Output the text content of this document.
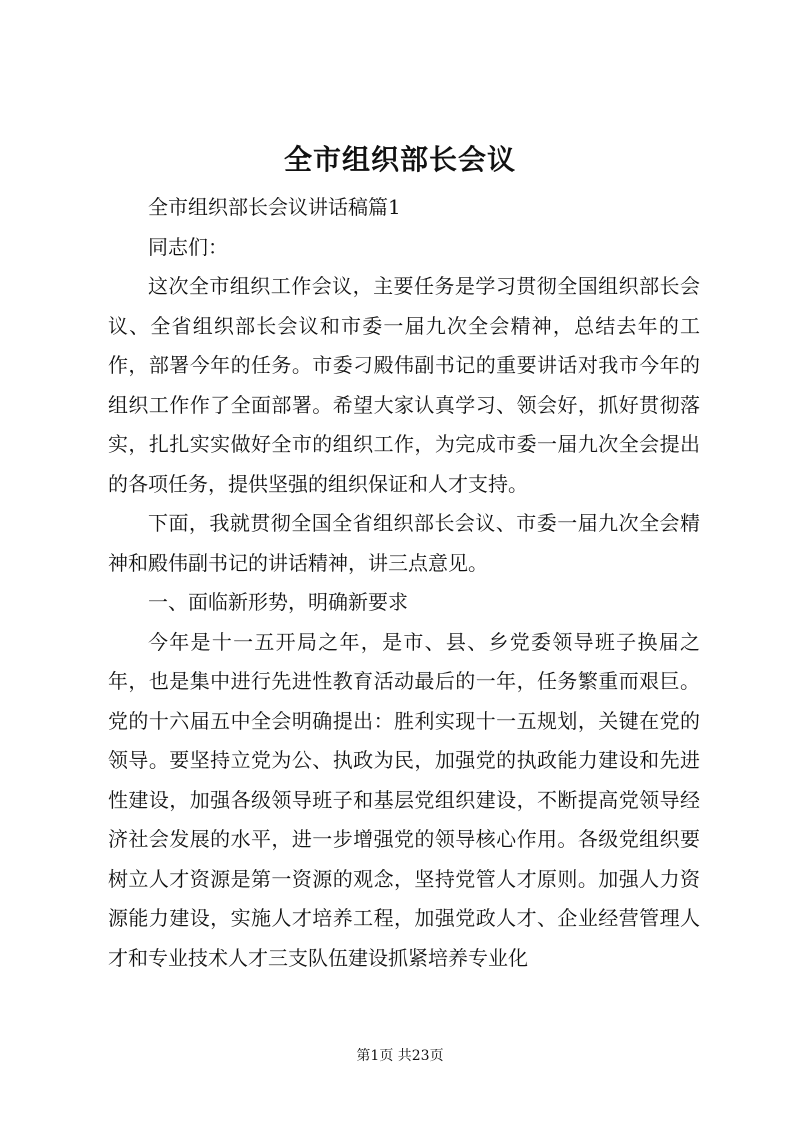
全市组织部长会议

全市组织部长会议讲话稿篇1

同志们：

这次全市组织工作会议，主要任务是学习贯彻全国组织部长会议、全省组织部长会议和市委一届九次全会精神，总结去年的工作，部署今年的任务。市委刁殿伟副书记的重要讲话对我市今年的组织工作作了全面部署。希望大家认真学习、领会好，抓好贯彻落实，扎扎实实做好全市的组织工作，为完成市委一届九次全会提出的各项任务，提供坚强的组织保证和人才支持。

下面，我就贯彻全国全省组织部长会议、市委一届九次全会精神和殿伟副书记的讲话精神，讲三点意见。

一、面临新形势，明确新要求

今年是十一五开局之年，是市、县、乡党委领导班子换届之年，也是集中进行先进性教育活动最后的一年，任务繁重而艰巨。党的十六届五中全会明确提出：胜利实现十一五规划，关键在党的领导。要坚持立党为公、执政为民，加强党的执政能力建设和先进性建设，加强各级领导班子和基层党组织建设，不断提高党领导经济社会发展的水平，进一步增强党的领导核心作用。各级党组织要树立人才资源是第一资源的观念，坚持党管人才原则。加强人力资源能力建设，实施人才培养工程，加强党政人才、企业经营管理人才和专业技术人才三支队伍建设抓紧培养专业化

第1页 共23页
